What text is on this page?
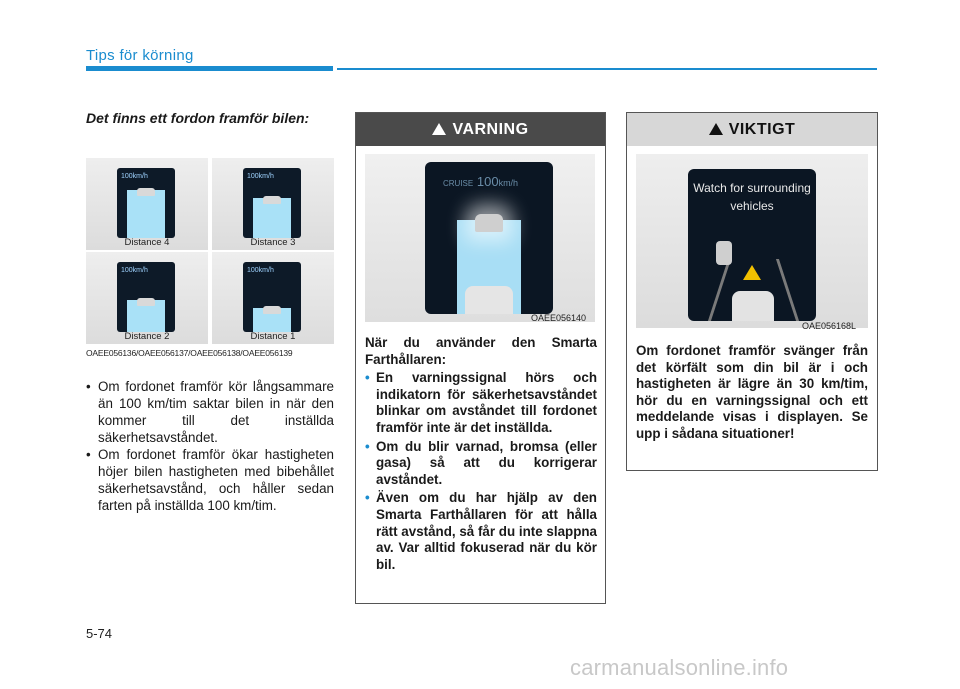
Tips för körning
Det finns ett fordon framför bilen:
100km/h
Distance 4
100km/h
Distance 3
100km/h
Distance 2
100km/h
Distance 1
OAEE056136/OAEE056137/OAEE056138/OAEE056139
• Om fordonet framför kör långsammare än 100 km/tim saktar bilen in när den kommer till det inställda säkerhetsavståndet.
• Om fordonet framför ökar hastigheten höjer bilen hastigheten med bibehållet säkerhetsavstånd, och håller sedan farten på inställda 100 km/tim.
VARNING
CRUISE 100km/h
OAEE056140
När du använder den Smarta Farthållaren:
• En varningssignal hörs och indikatorn för säkerhetsavståndet blinkar om avståndet till fordonet framför inte är det inställda.
• Om du blir varnad, bromsa (eller gasa) så att du korrigerar avståndet.
• Även om du har hjälp av den Smarta Farthållaren för att hålla rätt avstånd, så får du inte slappna av. Var alltid fokuserad när du kör bil.
VIKTIGT
Watch for surrounding vehicles
OAE056168L
Om fordonet framför svänger från det körfält som din bil är i och hastigheten är lägre än 30 km/tim, hör du en varningssignal och ett meddelande visas i displayen. Se upp i sådana situationer!
5-74
carmanualsonline.info
